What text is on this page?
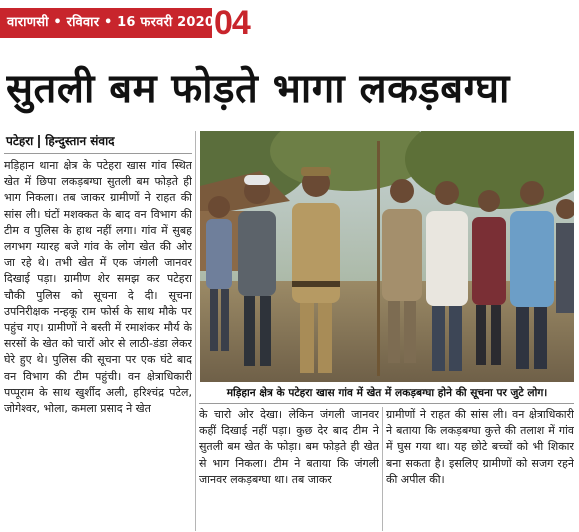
वाराणसी • रविवार • 16 फरवरी 2020 04
सुतली बम फोड़ते भागा लकड़बग्घा
पटेहरा हिन्दुस्तान संवाद
मड़िहान थाना क्षेत्र के पटेहरा खास गांव स्थित खेत में छिपा लकड़बग्घा सुतली बम फोड़ते ही भाग निकला। तब जाकर ग्रामीणों ने राहत की सांस ली। घंटों मशक्कत के बाद वन विभाग की टीम व पुलिस के हाथ नहीं लगा। गांव में सुबह लगभग ग्यारह बजे गांव के लोग खेत की ओर जा रहे थे। तभी खेत में एक जंगली जानवर दिखाई पड़ा। ग्रामीण शेर समझ कर पटेहरा चौकी पुलिस को सूचना दे दी। सूचना उपनिरीक्षक नन्हकू राम फोर्स के साथ मौके पर पहुंच गए। ग्रामीणों ने बस्ती में रमाशंकर मौर्य के सरसों के खेत को चारों ओर से लाठी-डंडा लेकर घेरे हुए थे। पुलिस की सूचना पर एक घंटे बाद वन विभाग की टीम पहुंची। वन क्षेत्राधिकारी पप्पूराम के साथ खुर्शीद अली, हरिश्चंद्र पटेल, जोगेश्वर, भोला, कमला प्रसाद ने खेत
मड़िहान क्षेत्र के पटेहरा खास गांव में खेत में लकड़बग्घा होने की सूचना पर जुटे लोग।
के चारो ओर देखा। लेकिन जंगली जानवर कहीं दिखाई नहीं पड़ा। कुछ देर बाद टीम ने सुतली बम खेत के फोड़ा। बम फोड़ते ही खेत से भाग निकला। टीम ने बताया कि जंगली जानवर लकड़बग्घा था। तब जाकर
ग्रामीणों ने राहत की सांस ली। वन क्षेत्राधिकारी ने बताया कि लकड़बग्घा कुत्ते की तलाश में गांव में घुस गया था। यह छोटे बच्चों को भी शिकार बना सकता है। इसलिए ग्रामीणों को सजग रहने की अपील की।
